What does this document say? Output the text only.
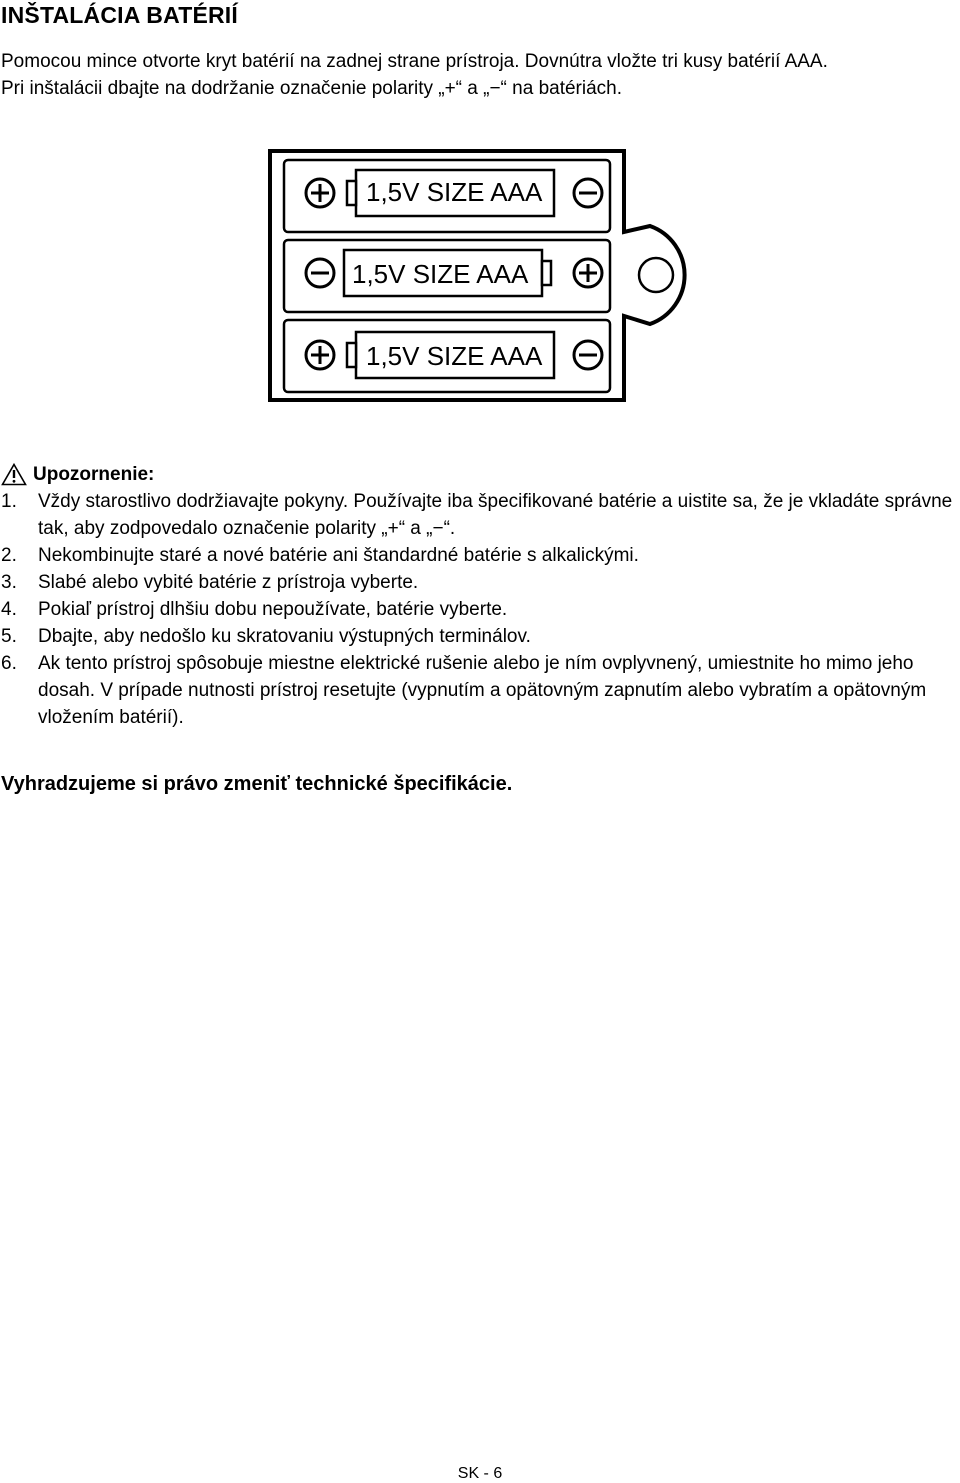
INŠTALÁCIA BATÉRIÍ

Pomocou mince otvorte kryt batérií na zadnej strane prístroja. Dovnútra vložte tri kusy batérií AAA.

Pri inštalácii dbajte na dodržanie označenie polarity „+“ a „−“ na batériách.

1,5V SIZE AAA
1,5V SIZE AAA
1,5V SIZE AAA
Upozornenie:
1. Vždy starostlivo dodržiavajte pokyny. Používajte iba špecifikované batérie a uistite sa, že je vkladáte správne tak, aby zodpovedalo označenie polarity „+“ a „−“.
2. Nekombinujte staré a nové batérie ani štandardné batérie s alkalickými.
3. Slabé alebo vybité batérie z prístroja vyberte.
4. Pokiaľ prístroj dlhšiu dobu nepoužívate, batérie vyberte.
5. Dbajte, aby nedošlo ku skratovaniu výstupných terminálov.
6. Ak tento prístroj spôsobuje miestne elektrické rušenie alebo je ním ovplyvnený, umiestnite ho mimo jeho dosah. V prípade nutnosti prístroj resetujte (vypnutím a opätovným zapnutím alebo vybratím a opätovným vložením batérií).

Vyhradzujeme si právo zmeniť technické špecifikácie.

SK - 6
